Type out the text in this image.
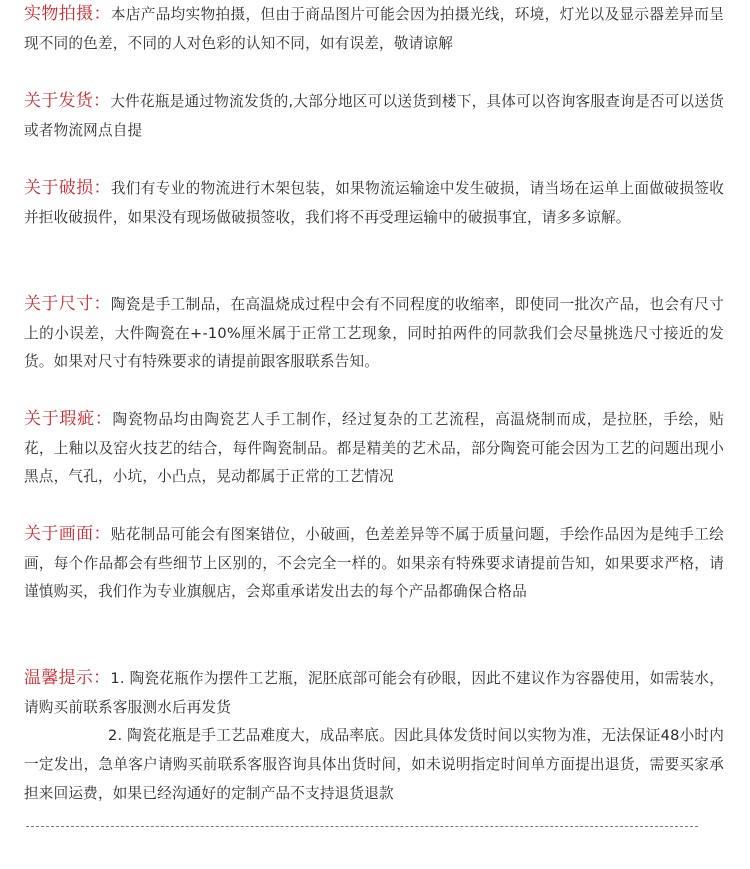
实物拍摄：本店产品均实物拍摄，但由于商品图片可能会因为拍摄光线，环境，灯光以及显示器差异而呈现不同的色差，不同的人对色彩的认知不同，如有误差，敬请谅解

关于发货：大件花瓶是通过物流发货的,大部分地区可以送货到楼下，具体可以咨询客服查询是否可以送货或者物流网点自提

关于破损：我们有专业的物流进行木架包装，如果物流运输途中发生破损，请当场在运单上面做破损签收并拒收破损件，如果没有现场做破损签收，我们将不再受理运输中的破损事宜，请多多谅解。

关于尺寸：陶瓷是手工制品，在高温烧成过程中会有不同程度的收缩率，即使同一批次产品，也会有尺寸上的小误差，大件陶瓷在+-10%厘米属于正常工艺现象，同时拍两件的同款我们会尽量挑选尺寸接近的发货。如果对尺寸有特殊要求的请提前跟客服联系告知。

关于瑕疵：陶瓷物品均由陶瓷艺人手工制作，经过复杂的工艺流程，高温烧制而成，是拉胚，手绘，贴花，上釉以及窑火技艺的结合，每件陶瓷制品。都是精美的艺术品，部分陶瓷可能会因为工艺的问题出现小黑点，气孔，小坑，小凸点，晃动都属于正常的工艺情况

关于画面：贴花制品可能会有图案错位，小破画，色差差异等不属于质量问题，手绘作品因为是纯手工绘画，每个作品都会有些细节上区别的，不会完全一样的。如果亲有特殊要求请提前告知，如果要求严格，请谨慎购买，我们作为专业旗舰店，会郑重承诺发出去的每个产品都确保合格品

温馨提示：1. 陶瓷花瓶作为摆件工艺瓶，泥胚底部可能会有砂眼，因此不建议作为容器使用，如需装水，请购买前联系客服测水后再发货
2. 陶瓷花瓶是手工艺品难度大，成品率底。因此具体发货时间以实物为准，无法保证48小时内一定发出，急单客户请购买前联系客服咨询具体出货时间，如未说明指定时间单方面提出退货，需要买家承担来回运费，如果已经沟通好的定制产品不支持退货退款
